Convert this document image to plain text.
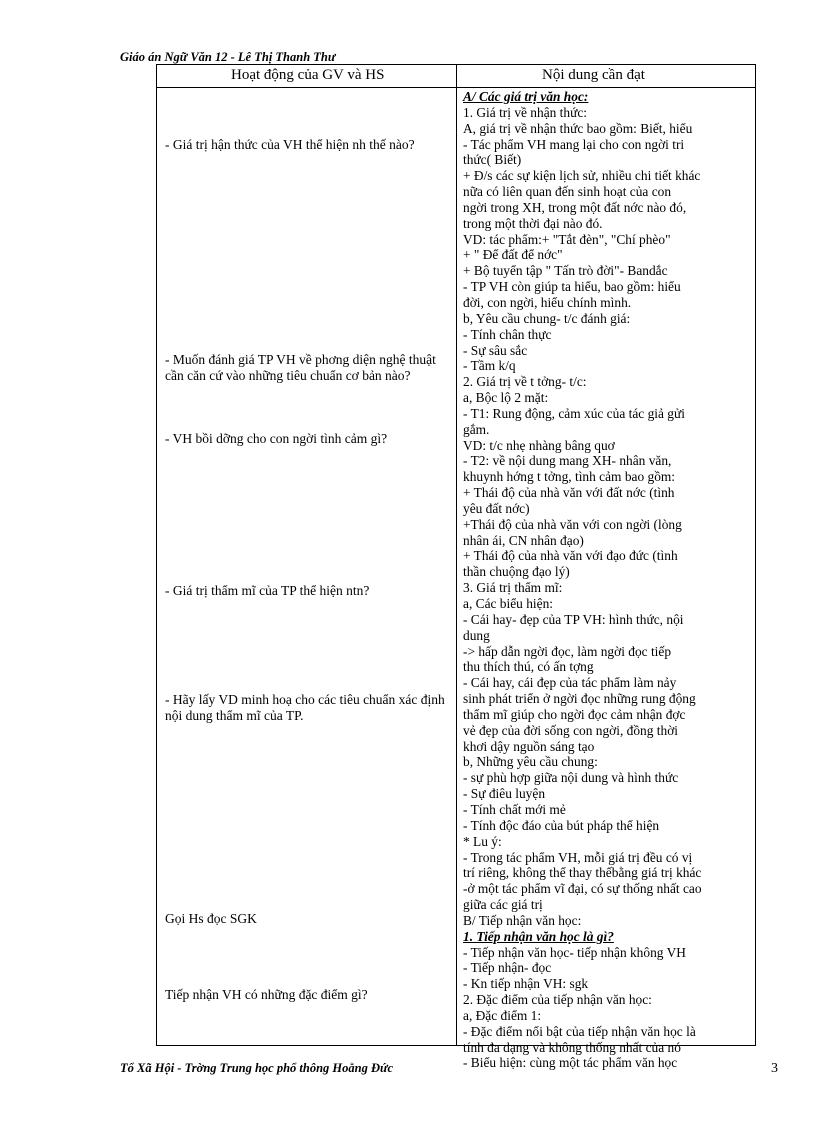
Giáo án Ngữ Văn 12 - Lê Thị Thanh Thư
Hoạt động của GV và HS	Nội dung cần đạt
- Giá trị hận thức của VH thể hiện nh thế nào?
- Muốn đánh giá TP VH về phơng diện nghệ thuật cần căn cứ vào những tiêu chuẩn cơ bản nào?
- VH bồi dỡng cho con ngời tình cảm gì?
- Giá trị thẩm mĩ của TP thể hiện ntn?
- Hãy lấy VD minh hoạ cho các tiêu chuẩn xác định nội dung thẩm mĩ của TP.
Gọi Hs đọc SGK
Tiếp nhận VH có những đặc điểm gì?
A/ Các giá trị văn học:
1. Giá trị về nhận thức:
A, giá trị về nhận thức bao gồm: Biết, hiểu
- Tác phẩm VH mang lại cho con ngời tri
thức( Biết)
+ Đ/s các sự kiện lịch sử, nhiều chi tiết khác
nữa có liên quan đến sinh hoạt của con
ngời trong XH, trong một đất nớc nào đó,
trong một thời đại nào đó.
VD: tác phẩm:+ "Tắt đèn", "Chí phèo"
+ " Để đất để nớc"
+ Bộ tuyển tập " Tấn trò đời"- Bandắc
- TP VH còn giúp ta hiểu, bao gồm: hiểu
đời, con ngời, hiểu chính mình.
b, Yêu cầu chung- t/c đánh giá:
- Tính chân thực
- Sự sâu sắc
- Tầm k/q
2. Giá trị về t tởng- t/c:
a, Bộc lộ 2 mặt:
- T1: Rung động, cảm xúc của tác giả gửi
gắm.
VD: t/c nhẹ nhàng bâng quơ
- T2: về nội dung mang XH- nhân văn,
khuynh hớng t tởng, tình cảm bao gồm:
+ Thái độ của nhà văn với đất nớc (tình
yêu đất nớc)
+Thái độ của nhà văn với con ngời (lòng
nhân ái, CN nhân đạo)
+ Thái độ của nhà văn với đạo đức (tình
thần chuộng đạo lý)
3. Giá trị thẩm mĩ:
a, Các biểu hiện:
- Cái hay- đẹp của TP VH: hình thức, nội
dung
-> hấp dẫn ngời đọc, làm ngời đọc tiếp
thu thích thú, có ấn tợng
- Cái hay, cái đẹp của tác phẩm làm nảy
sinh phát triển ở ngời đọc những rung động
thẩm mĩ giúp cho ngời đọc cảm nhận đợc
vẻ đẹp của đời sống con ngời, đồng thời
khơi dậy nguồn sáng tạo
b, Những yêu cầu chung:
- sự phù hợp giữa nội dung và hình thức
- Sự điêu luyện
- Tính chất mới mẻ
- Tính độc đáo của bút pháp thể hiện
* Lu ý:
- Trong tác phẩm VH, mỗi giá trị đều có vị
trí riêng, không thể thay thếbằng giá trị khác
-ở một tác phẩm vĩ đại, có sự thống nhất cao
giữa các giá trị
B/ Tiếp nhận văn học:
1. Tiếp nhận văn học là gì?
- Tiếp nhận văn học- tiếp nhận không VH
- Tiếp nhận- đọc
- Kn tiếp nhận VH: sgk
2. Đặc điểm của tiếp nhận văn học:
a, Đặc điểm 1:
- Đặc điểm nổi bật của tiếp nhận văn học là
tính đa dạng và không thống nhất của nó
- Biểu hiện: cùng một tác phẩm văn học
Tổ Xã Hội - Trờng Trung học phổ thông Hoằng Đức	3
